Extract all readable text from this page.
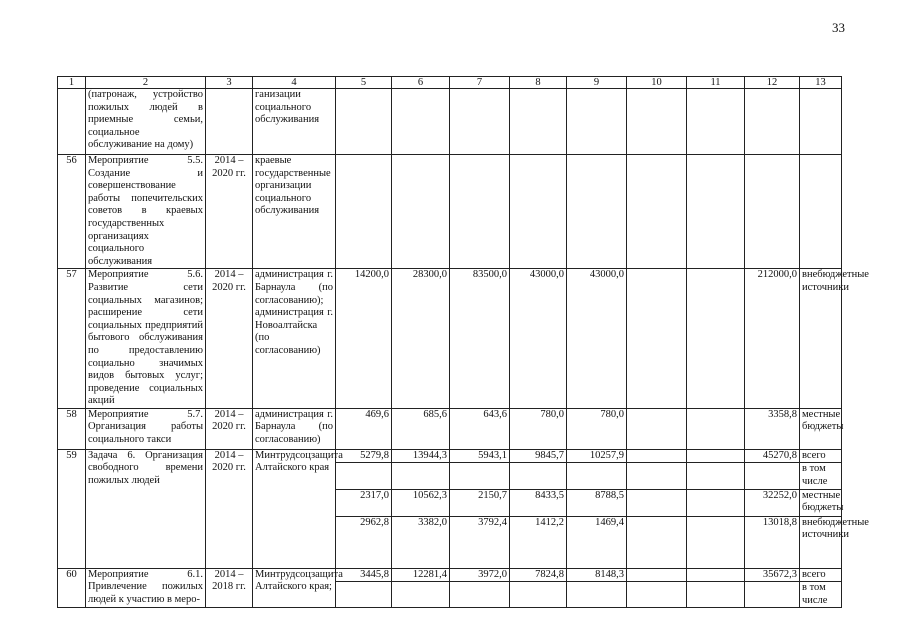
33
1	2	3	4	5	6	7	8	9	10	11	12	13
	(патронаж, устройство пожилых людей в приемные семьи, социальное обслуживание на дому)		ганизации социального обслуживания									
56	Мероприятие 5.5. Создание и совершенствование работы попечительских советов в краевых государственных организациях социального обслуживания	2014 – 2020 гг.	краевые государственные организации социального обслуживания									
57	Мероприятие 5.6. Развитие сети социальных магазинов; расширение сети социальных предприятий бытового обслуживания по предоставлению социально значимых видов бытовых услуг; проведение социальных акций	2014 – 2020 гг.	администрация г. Барнаула (по согласованию); администрация г. Новоалтайска (по согласованию)	14200,0	28300,0	83500,0	43000,0	43000,0			212000,0	внебюджетные источники
58	Мероприятие 5.7. Организация работы социального такси	2014 – 2020 гг.	администрация г. Барнаула (по согласованию)	469,6	685,6	643,6	780,0	780,0			3358,8	местные бюджеты
59	Задача 6. Организация свободного времени пожилых людей	2014 – 2020 гг.	Минтрудсоцзащита Алтайского края	5279,8	13944,3	5943,1	9845,7	10257,9			45270,8	всего
												в том числе
				2317,0	10562,3	2150,7	8433,5	8788,5			32252,0	местные бюджеты
				2962,8	3382,0	3792,4	1412,2	1469,4			13018,8	внебюджетные источники
60	Мероприятие 6.1. Привлечение пожилых людей к участию в меро-	2014 – 2018 гг.	Минтрудсоцзащита Алтайского края;	3445,8	12281,4	3972,0	7824,8	8148,3			35672,3	всего
												в том числе
